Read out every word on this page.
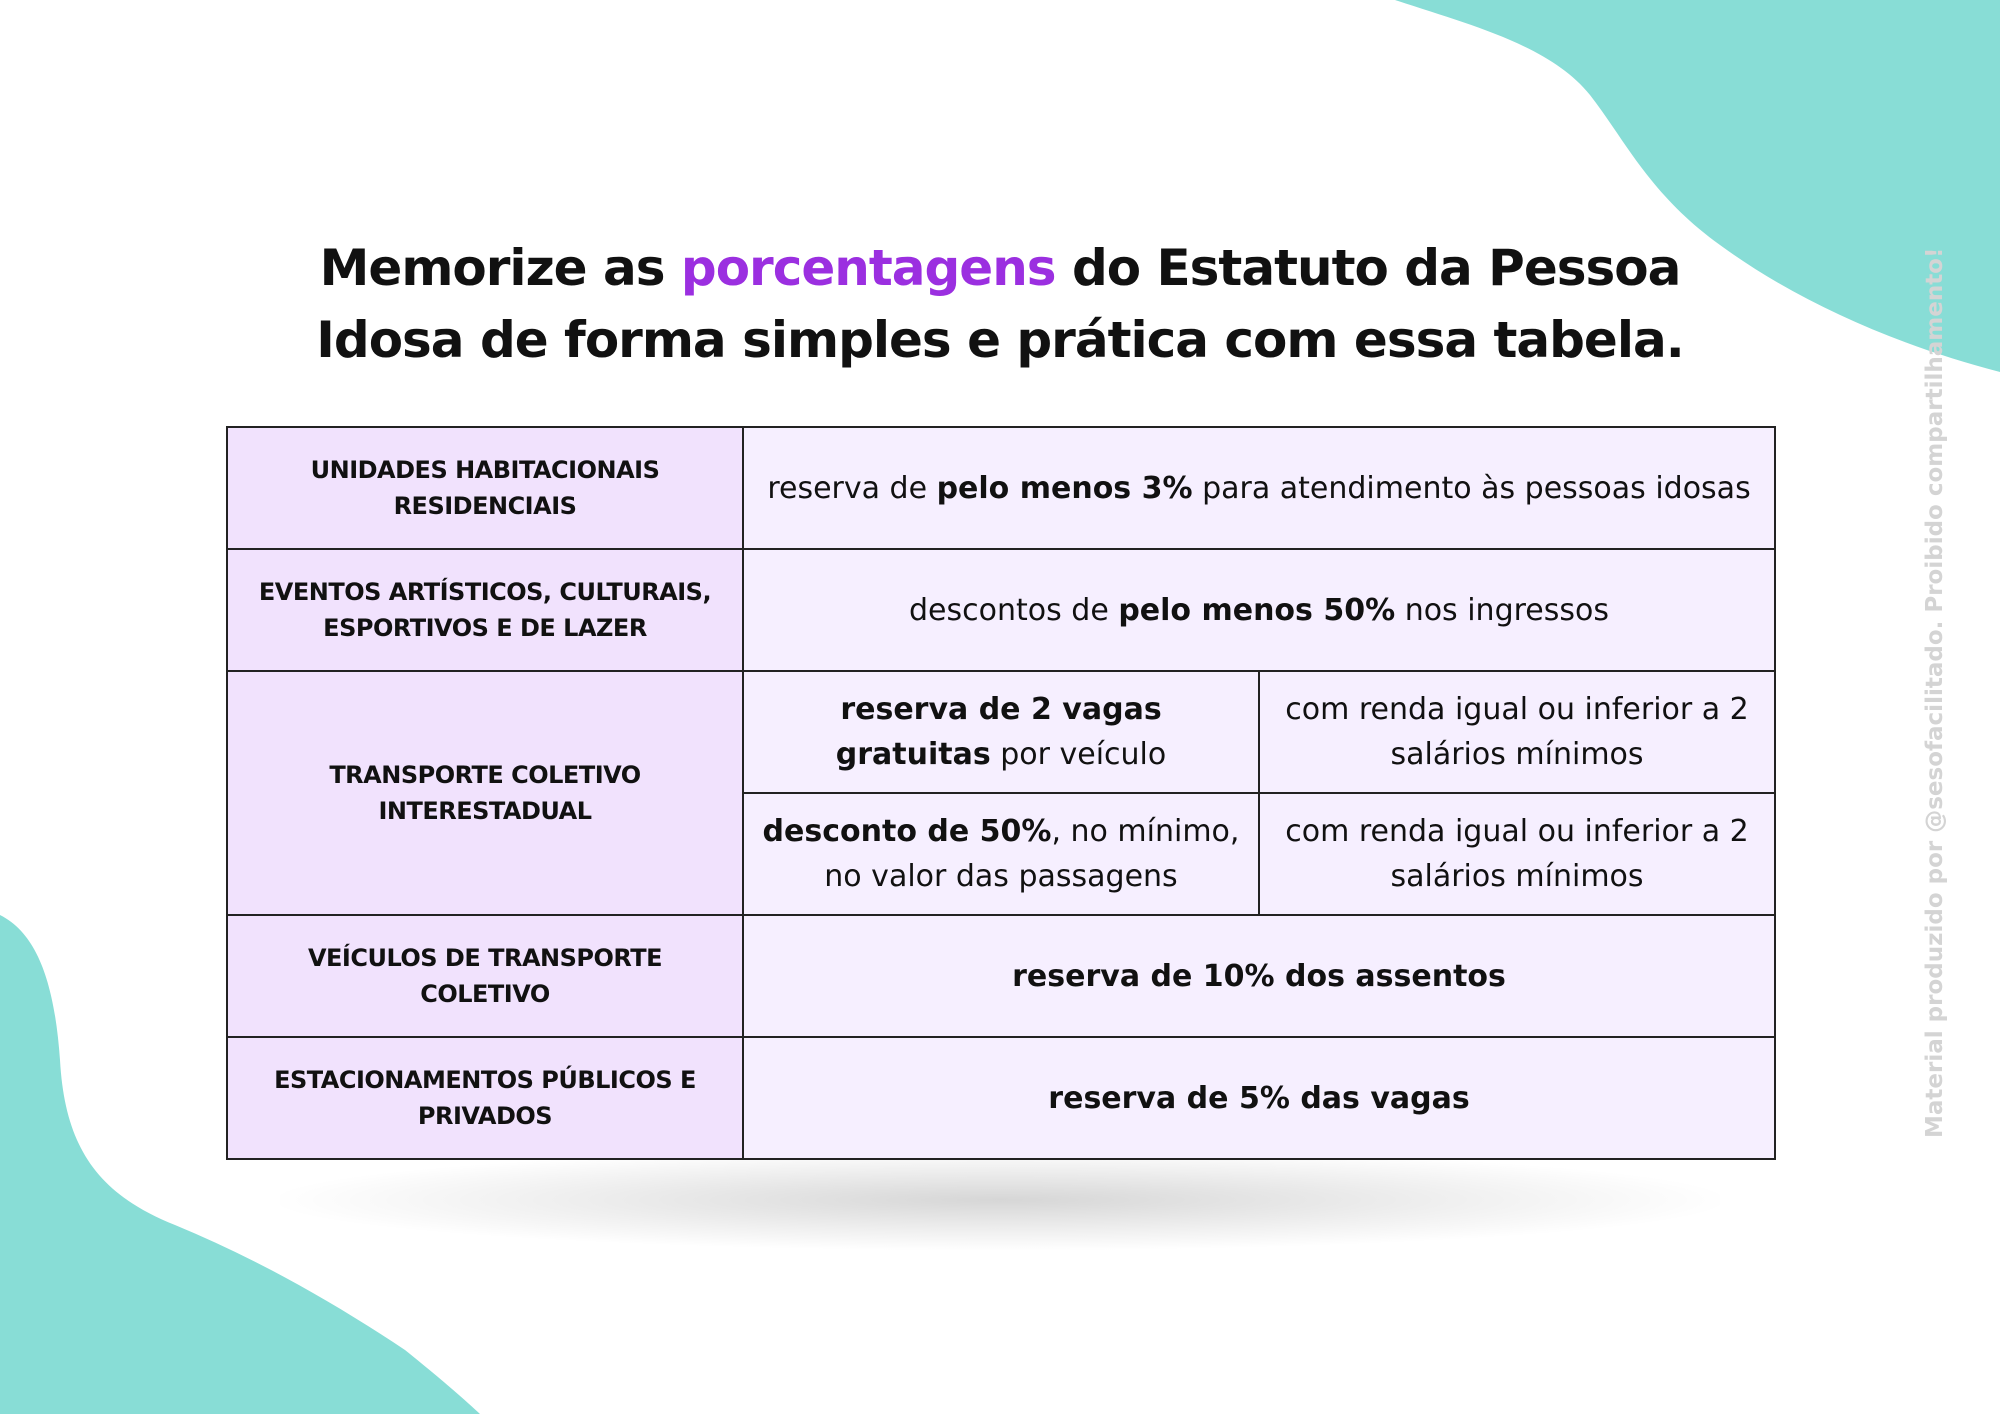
Memorize as porcentagens do Estatuto da Pessoa Idosa de forma simples e prática com essa tabela.
UNIDADES HABITACIONAIS RESIDENCIAIS	reserva de pelo menos 3% para atendimento às pessoas idosas	
EVENTOS ARTÍSTICOS, CULTURAIS, ESPORTIVOS E DE LAZER	descontos de pelo menos 50% nos ingressos	
TRANSPORTE COLETIVO INTERESTADUAL	reserva de 2 vagas gratuitas por veículo	com renda igual ou inferior a 2 salários mínimos
	desconto de 50%, no mínimo, no valor das passagens	com renda igual ou inferior a 2 salários mínimos
VEÍCULOS DE TRANSPORTE COLETIVO	reserva de 10% dos assentos	
ESTACIONAMENTOS PÚBLICOS E PRIVADOS	reserva de 5% das vagas		Material produzido por @sesofacilitado. Proibido compartilhamento!
